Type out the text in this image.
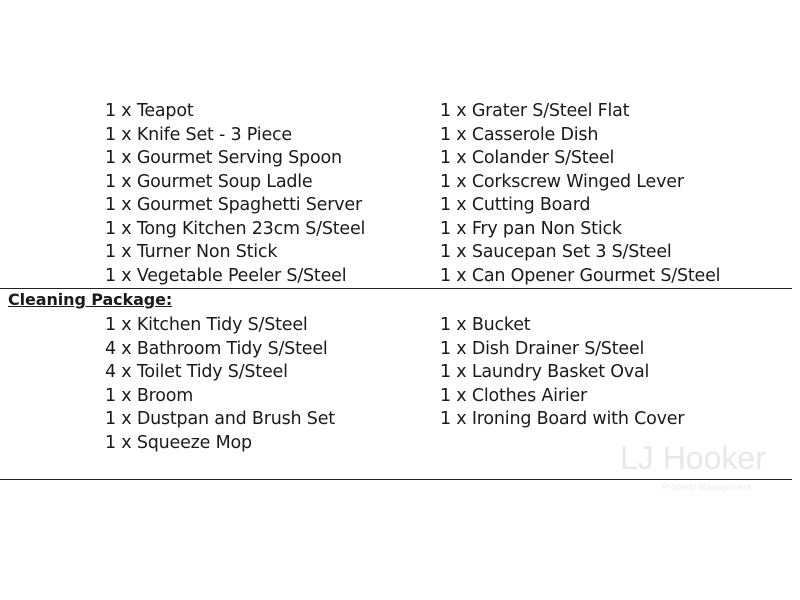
1 x Teapot
1 x Knife Set - 3 Piece
1 x Gourmet Serving Spoon
1 x Gourmet Soup Ladle
1 x Gourmet Spaghetti Server
1 x Tong Kitchen 23cm S/Steel
1 x Turner Non Stick
1 x Vegetable Peeler S/Steel
1 x Grater S/Steel Flat
1 x Casserole Dish
1 x Colander S/Steel
1 x Corkscrew Winged Lever
1 x Cutting Board
1 x Fry pan Non Stick
1 x Saucepan Set 3 S/Steel
1 x Can Opener Gourmet S/Steel
Cleaning Package:
1 x Kitchen Tidy S/Steel
4 x Bathroom Tidy S/Steel
4 x Toilet Tidy S/Steel
1 x Broom
1 x Dustpan and Brush Set
1 x Squeeze Mop
1 x Bucket
1 x Dish Drainer S/Steel
1 x Laundry Basket Oval
1 x Clothes Airier
1 x Ironing Board with Cover
LJ Hooker
Property Management
